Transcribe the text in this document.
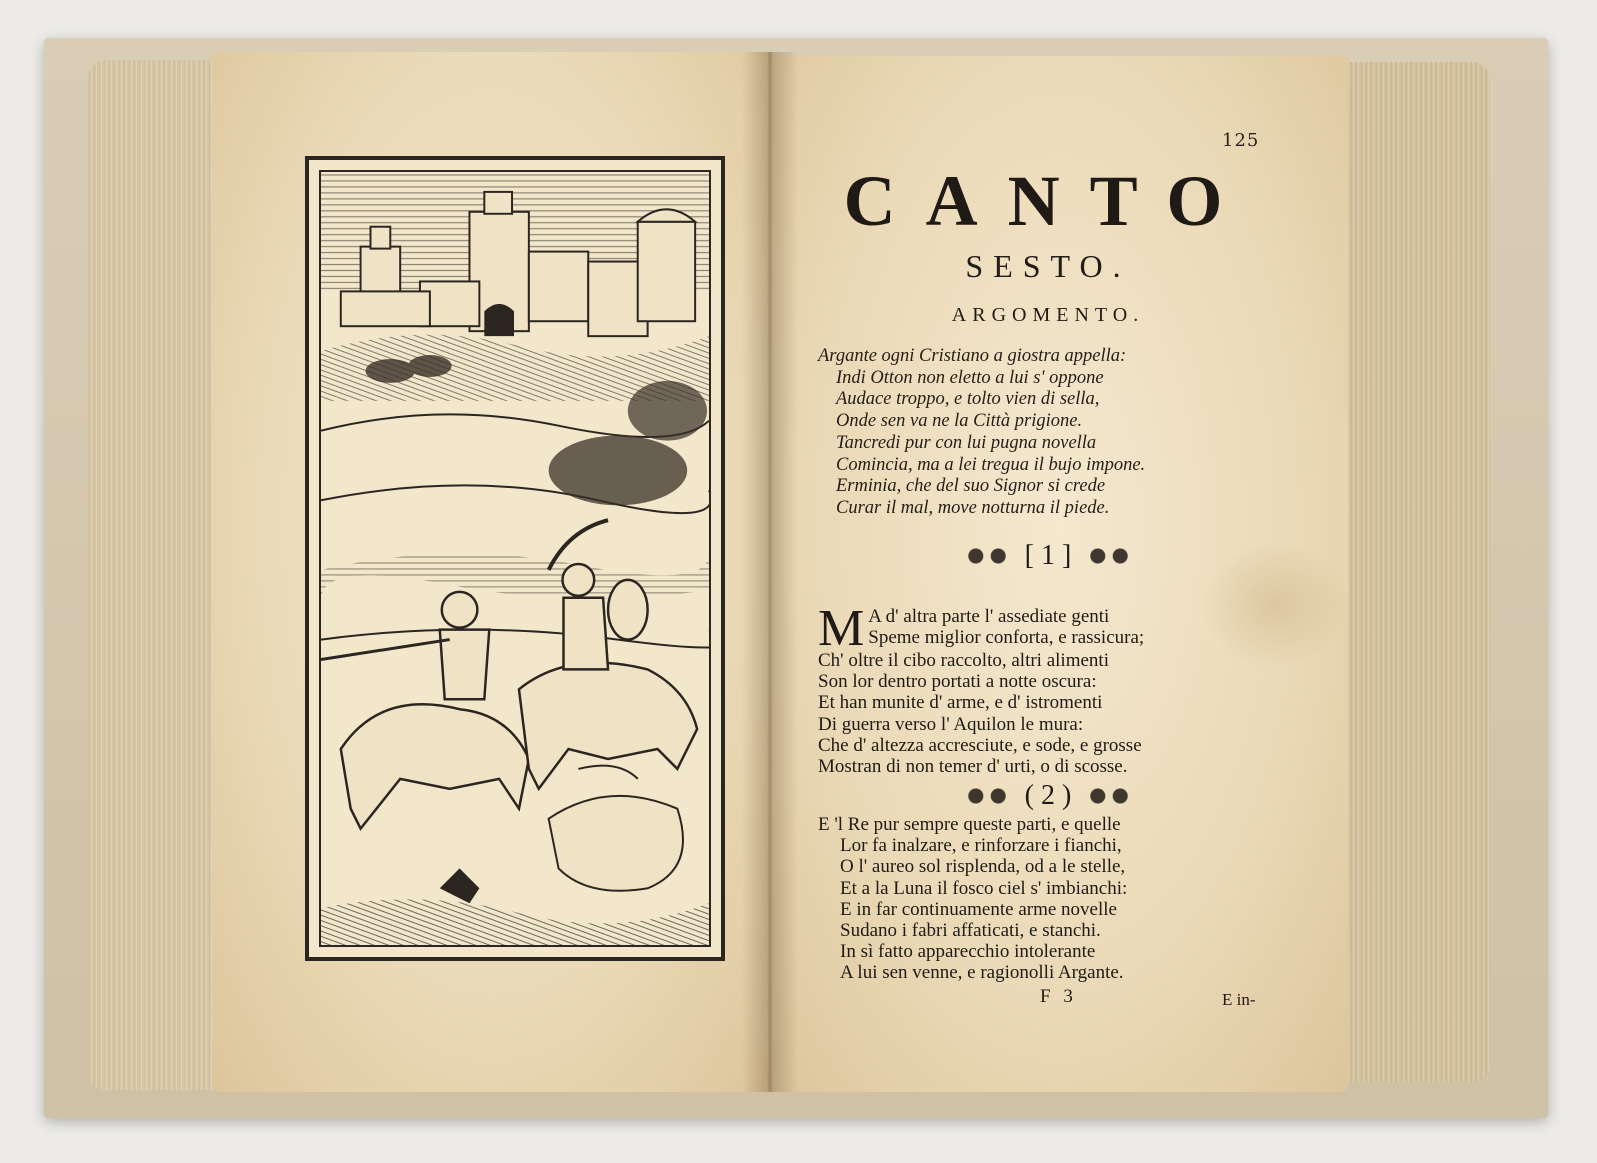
125
CANTO
SESTO.
ARGOMENTO.
Argante ogni Cristiano a giostra appella:
Indi Otton non eletto a lui s' oppone
Audace troppo, e tolto vien di sella,
Onde sen va ne la Città prigione.
Tancredi pur con lui pugna novella
Comincia, ma a lei tregua il bujo impone.
Erminia, che del suo Signor si crede
Curar il mal, move notturna il piede.
[ 1 ]
M A d' altra parte l' assediate genti
Speme miglior conforta, e rassicura;
Ch' oltre il cibo raccolto, altri alimenti
Son lor dentro portati a notte oscura:
Et han munite d' arme, e d' istromenti
Di guerra verso l' Aquilon le mura:
Che d' altezza accresciute, e sode, e grosse
Mostran di non temer d' urti, o di scosse.
( 2 )
E 'l Re pur sempre queste parti, e quelle
Lor fa inalzare, e rinforzare i fianchi,
O l' aureo sol risplenda, od a le stelle,
Et a la Luna il fosco ciel s' imbianchi:
E in far continuamente arme novelle
Sudano i fabri affaticati, e stanchi.
In sì fatto apparecchio intolerante
A lui sen venne, e ragionolli Argante.
F 3	E in-
